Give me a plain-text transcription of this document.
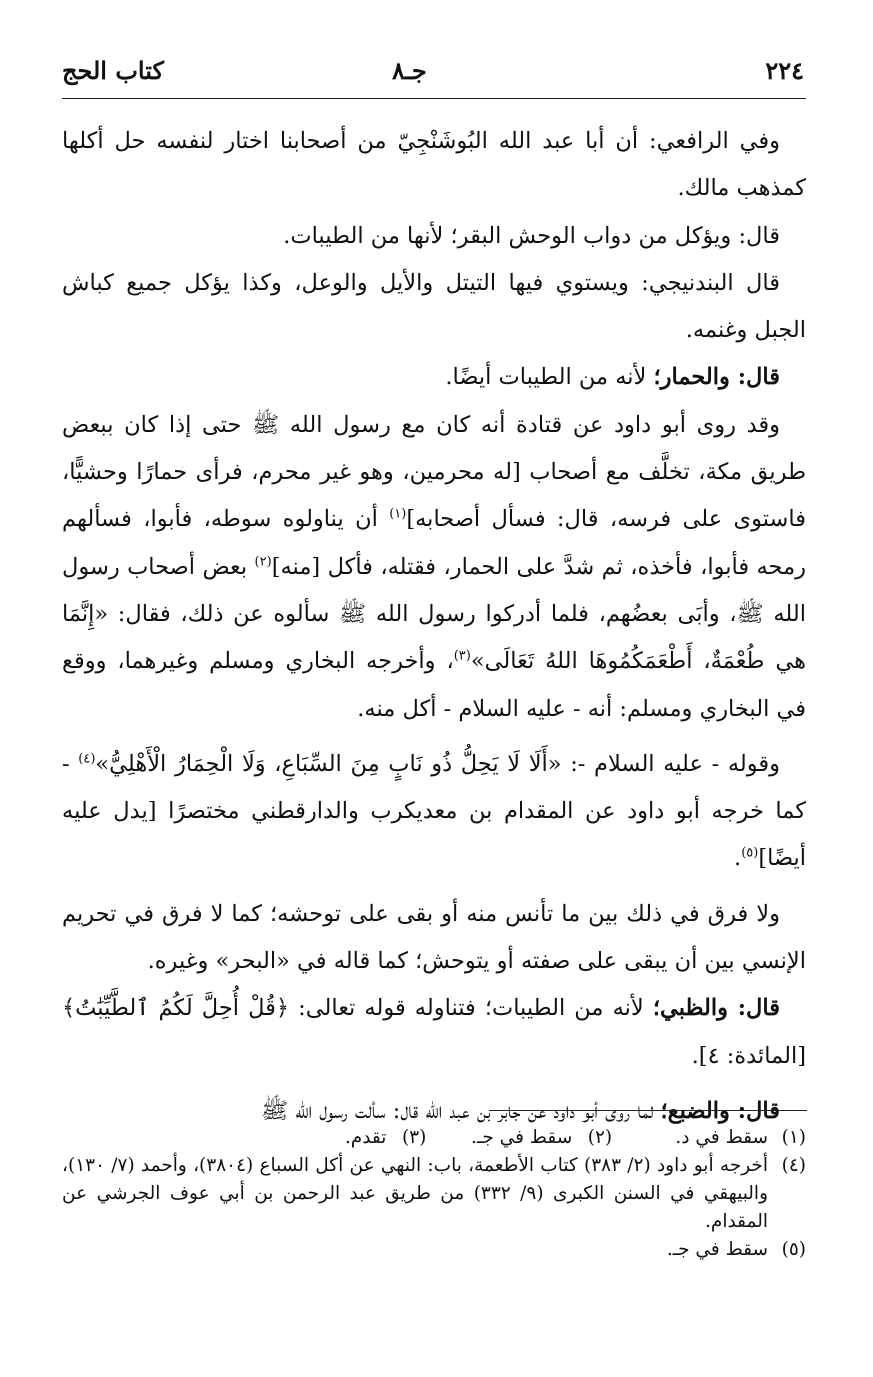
٢٢٤
جـ٨
كتاب الحج

وفي الرافعي: أن أبا عبد الله البُوشَنْجِيّ من أصحابنا اختار لنفسه حل أكلها كمذهب مالك.

قال: ويؤكل من دواب الوحش البقر؛ لأنها من الطيبات.

قال البندنيجي: ويستوي فيها التيتل والأيل والوعل، وكذا يؤكل جميع كباش الجبل وغنمه.

قال: والحمار؛ لأنه من الطيبات أيضًا.

وقد روى أبو داود عن قتادة أنه كان مع رسول الله ﷺ حتى إذا كان ببعض طريق مكة، تخلَّف مع أصحاب [له محرمين، وهو غير محرم، فرأى حمارًا وحشيًّا، فاستوى على فرسه، قال: فسأل أصحابه]$^{(١)}$ أن يناولوه سوطه، فأبوا، فسألهم رمحه فأبوا، فأخذه، ثم شدَّ على الحمار، فقتله، فأكل [منه]$^{(٢)}$ بعض أصحاب رسول الله ﷺ، وأبَى بعضُهم، فلما أدركوا رسول الله ﷺ سألوه عن ذلك، فقال: «إِنَّمَا هي طُعْمَةٌ، أَطْعَمَكُمُوهَا اللهُ تَعَالَى»$^{(٣)}$، وأخرجه البخاري ومسلم وغيرهما، ووقع في البخاري ومسلم: أنه - عليه السلام - أكل منه.

وقوله - عليه السلام -: «أَلَا لَا يَحِلُّ ذُو نَابٍ مِنَ السِّبَاعِ، وَلَا الْحِمَارُ الْأَهْلِيُّ»$^{(٤)}$ - كما خرجه أبو داود عن المقدام بن معديكرب والدارقطني مختصرًا [يدل عليه أيضًا]$^{(٥)}$.

ولا فرق في ذلك بين ما تأنس منه أو بقى على توحشه؛ كما لا فرق في تحريم الإنسي بين أن يبقى على صفته أو يتوحش؛ كما قاله في «البحر» وغيره.

قال: والظبي؛ لأنه من الطيبات؛ فتناوله قوله تعالى: ﴿قُلْ أُحِلَّ لَكُمُ ٱلطَّيِّبَٰتُ﴾ [المائدة: ٤].

قال: والضبع؛ لما روى أبو داود عن جابر بن عبد الله قال: سألت رسول الله ﷺ

(١)
سقط في د. (٢) سقط في جـ. (٣) تقدم.
(٤)
أخرجه أبو داود (٢/ ٣٨٣) كتاب الأطعمة، باب: النهي عن أكل السباع (٣٨٠٤)، وأحمد (٧/ ١٣٠)، والبيهقي في السنن الكبرى (٩/ ٣٣٢) من طريق عبد الرحمن بن أبي عوف الجرشي عن المقدام.
(٥)
سقط في جـ.
